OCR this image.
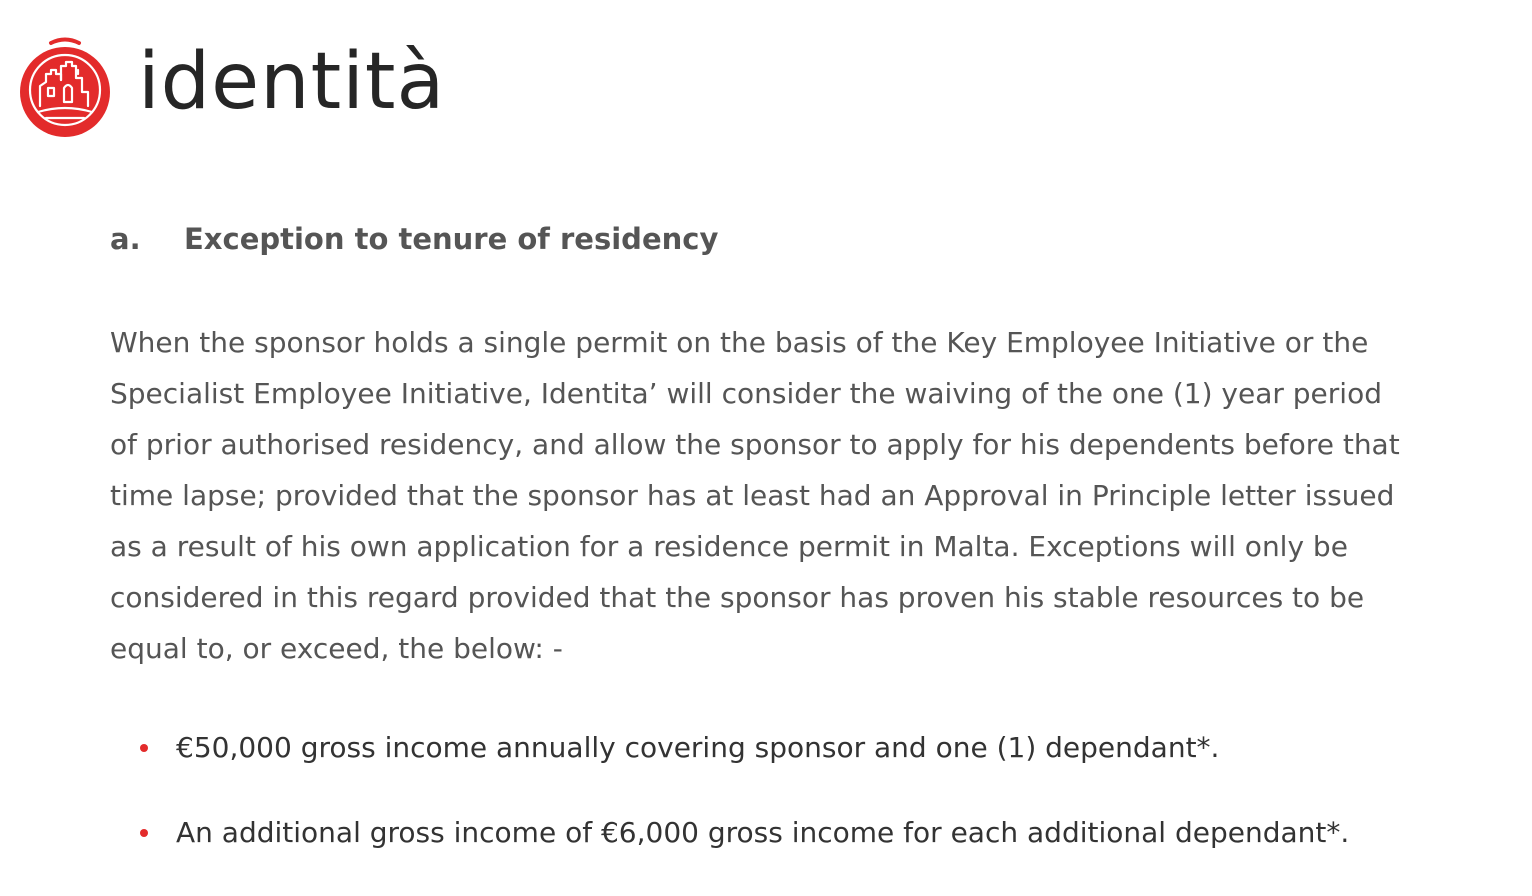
identità
a.	Exception to tenure of residency

When the sponsor holds a single permit on the basis of the Key Employee Initiative or the
Specialist Employee Initiative, Identita’ will consider the waiving of the one (1) year period
of prior authorised residency, and allow the sponsor to apply for his dependents before that
time lapse; provided that the sponsor has at least had an Approval in Principle letter issued
as a result of his own application for a residence permit in Malta. Exceptions will only be
considered in this regard provided that the sponsor has proven his stable resources to be
equal to, or exceed, the below: -

€50,000 gross income annually covering sponsor and one (1) dependant*.
An additional gross income of €6,000 gross income for each additional dependant*.
